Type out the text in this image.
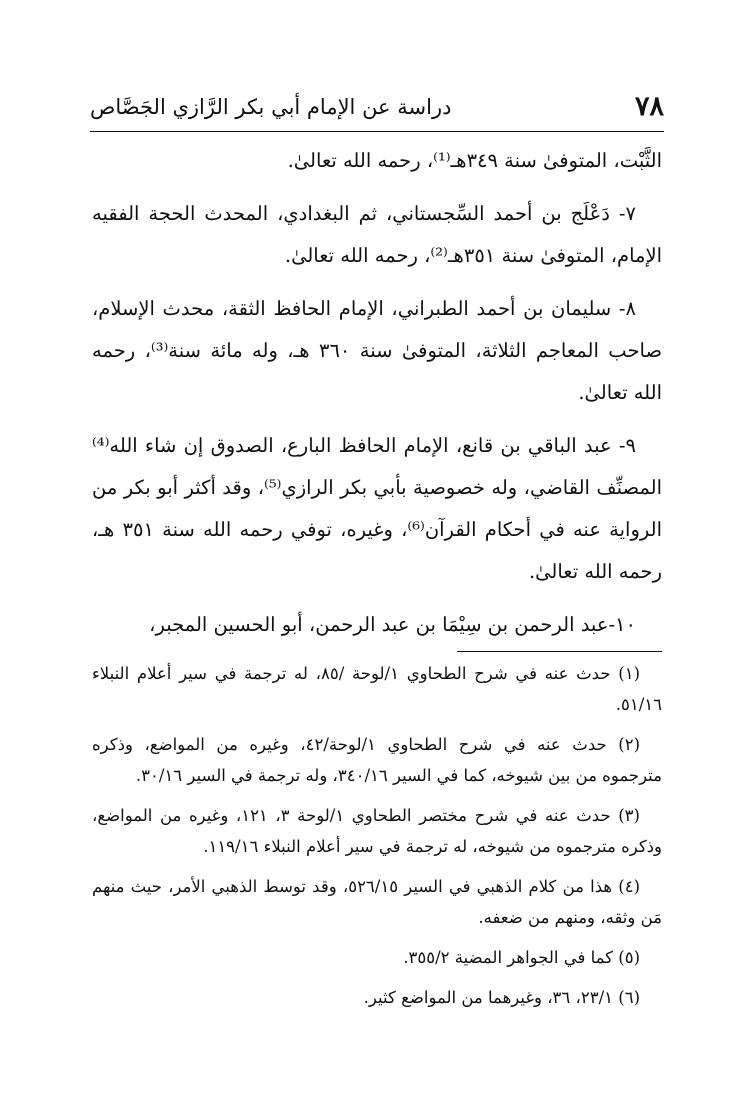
٧٨
دراسة عن الإمام أبي بكر الرَّازي الجَصَّاص

الثَّبْت، المتوفىٰ سنة ٣٤٩هـ⁽¹⁾، رحمه الله تعالىٰ.

٧- دَعْلَج بن أحمد السِّجستاني، ثم البغدادي، المحدث الحجة الفقيه الإمام، المتوفىٰ سنة ٣٥١هـ⁽²⁾، رحمه الله تعالىٰ.

٨- سليمان بن أحمد الطبراني، الإمام الحافظ الثقة، محدث الإسلام، صاحب المعاجم الثلاثة، المتوفىٰ سنة ٣٦٠ هـ، وله مائة سنة⁽³⁾، رحمه الله تعالىٰ.

٩- عبد الباقي بن قانع، الإمام الحافظ البارع، الصدوق إن شاء الله⁽⁴⁾ المصنِّف القاضي، وله خصوصية بأبي بكر الرازي⁽⁵⁾، وقد أكثر أبو بكر من الرواية عنه في أحكام القرآن⁽⁶⁾، وغيره، توفي رحمه الله سنة ٣٥١ هـ، رحمه الله تعالىٰ.

١٠-عبد الرحمن بن سِيْمَا بن عبد الرحمن، أبو الحسين المجبر،

(١) حدث عنه في شرح الطحاوي ١/لوحة /٨٥، له ترجمة في سير أعلام النبلاء ٥١/١٦.

(٢) حدث عنه في شرح الطحاوي ١/لوحة/٤٢، وغيره من المواضع، وذكره مترجموه من بين شيوخه، كما في السير ٣٤٠/١٦، وله ترجمة في السير ٣٠/١٦.

(٣) حدث عنه في شرح مختصر الطحاوي ١/لوحة ٣، ١٢١، وغيره من المواضع، وذكره مترجموه من شيوخه، له ترجمة في سير أعلام النبلاء ١١٩/١٦.

(٤) هذا من كلام الذهبي في السير ٥٢٦/١٥، وقد توسط الذهبي الأمر، حيث منهم مَن وثقه، ومنهم من ضعفه.

(٥) كما في الجواهر المضية ٣٥٥/٢.

(٦) ٢٣/١، ٣٦، وغيرهما من المواضع كثير.
